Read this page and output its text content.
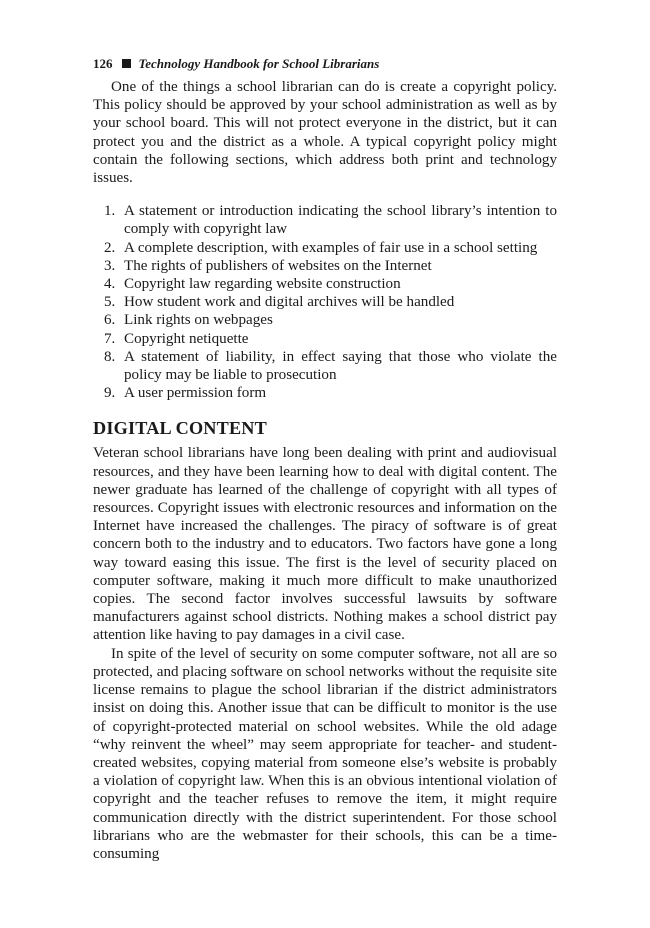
126 Technology Handbook for School Librarians

One of the things a school librarian can do is create a copyright policy. This policy should be approved by your school administration as well as by your school board. This will not protect everyone in the district, but it can protect you and the district as a whole. A typical copyright policy might contain the following sections, which address both print and technology issues.

1. A statement or introduction indicating the school library’s intention to comply with copyright law
2. A complete description, with examples of fair use in a school setting
3. The rights of publishers of websites on the Internet
4. Copyright law regarding website construction
5. How student work and digital archives will be handled
6. Link rights on webpages
7. Copyright netiquette
8. A statement of liability, in effect saying that those who violate the policy may be liable to prosecution
9. A user permission form
DIGITAL CONTENT

Veteran school librarians have long been dealing with print and audiovisual resources, and they have been learning how to deal with digital content. The newer graduate has learned of the challenge of copyright with all types of resources. Copyright issues with electronic resources and information on the Internet have increased the challenges. The piracy of software is of great concern both to the industry and to educators. Two factors have gone a long way toward easing this issue. The first is the level of security placed on computer software, making it much more difficult to make unauthorized copies. The second factor involves successful lawsuits by software manufacturers against school districts. Nothing makes a school district pay attention like having to pay damages in a civil case.

In spite of the level of security on some computer software, not all are so protected, and placing software on school networks without the requisite site license remains to plague the school librarian if the district administrators insist on doing this. Another issue that can be difficult to monitor is the use of copyright-protected material on school websites. While the old adage “why reinvent the wheel” may seem appropriate for teacher- and student-created websites, copying material from someone else’s website is probably a violation of copyright law. When this is an obvious intentional violation of copyright and the teacher refuses to remove the item, it might require communication directly with the district superintendent. For those school librarians who are the webmaster for their schools, this can be a time-consuming
